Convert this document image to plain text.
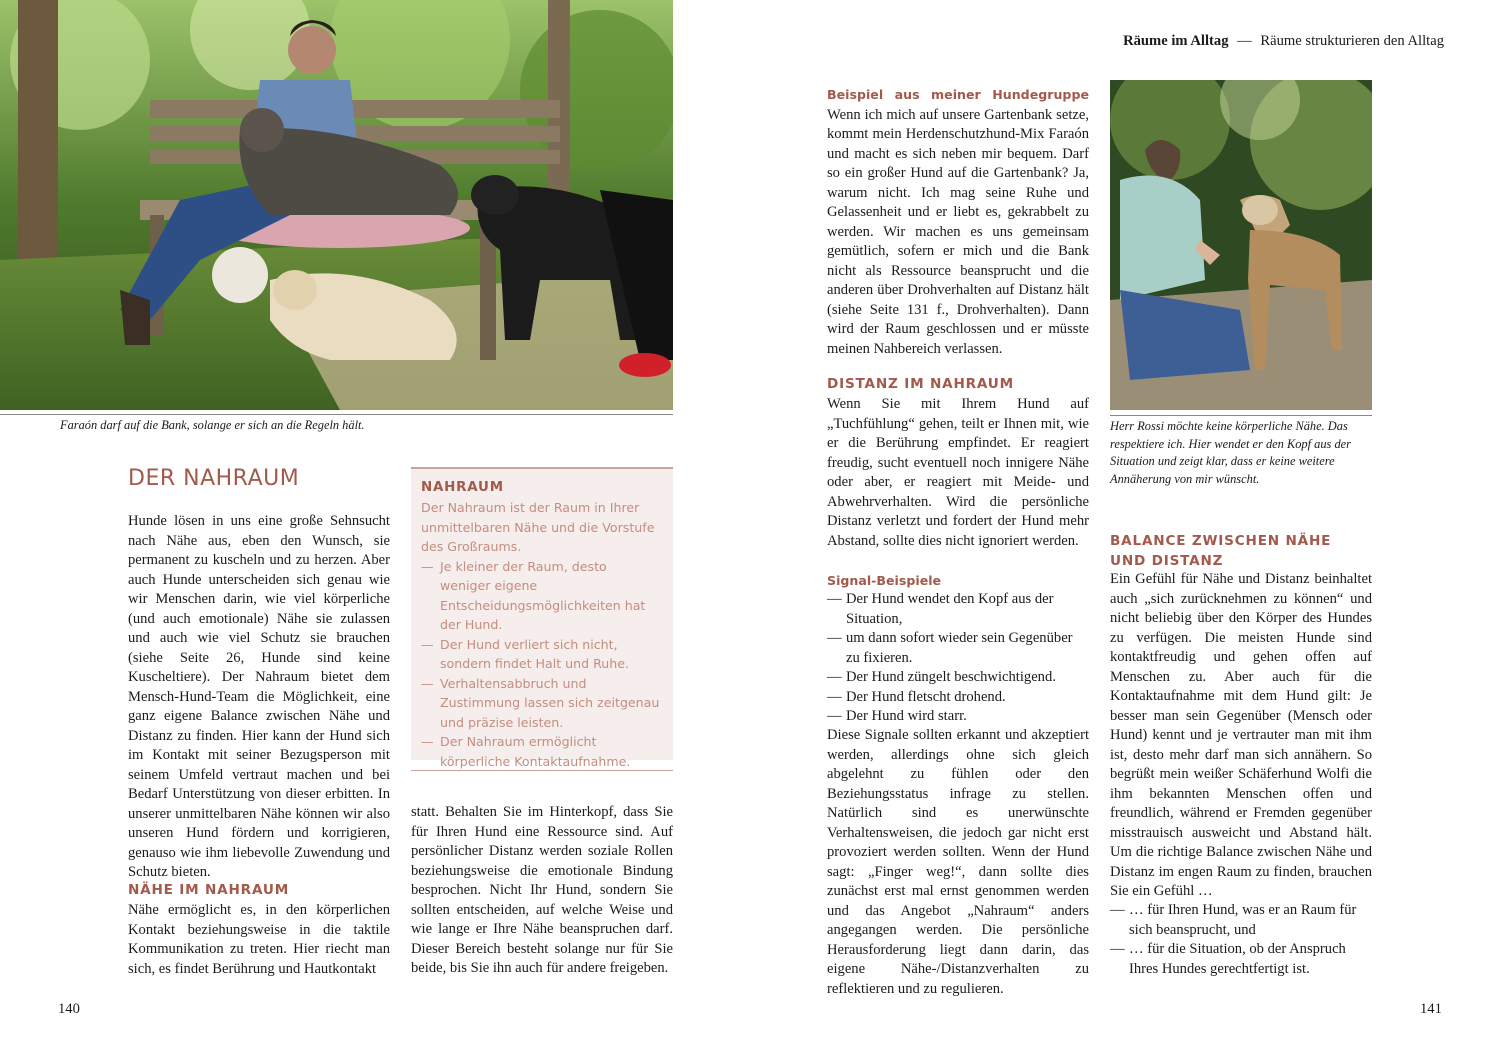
Faraón darf auf die Bank, solange er sich an die Regeln hält.
DER NAHRAUM

Hunde lösen in uns eine große Sehnsucht nach Nähe aus, eben den Wunsch, sie permanent zu kuscheln und zu herzen. Aber auch Hunde unterscheiden sich genau wie wir Menschen darin, wie viel körperliche (und auch emotionale) Nähe sie zulassen und auch wie viel Schutz sie brauchen (siehe Seite 26, Hunde sind keine Kuscheltiere). Der Nahraum bietet dem Mensch-Hund-Team die Möglichkeit, eine ganz eigene Balance zwischen Nähe und Distanz zu finden. Hier kann der Hund sich im Kontakt mit seiner Bezugsperson mit seinem Umfeld vertraut machen und bei Bedarf Unterstützung von dieser erbitten. In unserer unmittelbaren Nähe können wir also unseren Hund fördern und korrigieren, genauso wie ihm liebevolle Zuwendung und Schutz bieten.

NÄHE IM NAHRAUM

Nähe ermöglicht es, in den körperlichen Kontakt beziehungsweise in die taktile Kommunikation zu treten. Hier riecht man sich, es findet Berührung und Hautkontakt

NAHRAUM
Der Nahraum ist der Raum in Ihrer unmittelbaren Nähe und die Vorstufe des Großraums.
— Je kleiner der Raum, desto weniger eigene Entscheidungsmöglichkeiten hat der Hund.
— Der Hund verliert sich nicht, sondern findet Halt und Ruhe.
— Verhaltensabbruch und Zustimmung lassen sich zeitgenau und präzise leisten.
— Der Nahraum ermöglicht körperliche Kontaktaufnahme.

statt. Behalten Sie im Hinterkopf, dass Sie für Ihren Hund eine Ressource sind. Auf persönlicher Distanz werden soziale Rollen beziehungsweise die emotionale Bindung besprochen. Nicht Ihr Hund, sondern Sie sollten entscheiden, auf welche Weise und wie lange er Ihre Nähe beanspruchen darf. Dieser Bereich besteht solange nur für Sie beide, bis Sie ihn auch für andere freigeben.

140
Räume im Alltag — Räume strukturieren den Alltag

Beispiel aus meiner Hundegruppe Wenn ich mich auf unsere Gartenbank setze, kommt mein Herdenschutzhund-Mix Faraón und macht es sich neben mir bequem. Darf so ein großer Hund auf die Gartenbank? Ja, warum nicht. Ich mag seine Ruhe und Gelassenheit und er liebt es, gekrabbelt zu werden. Wir machen es uns gemeinsam gemütlich, sofern er mich und die Bank nicht als Ressource beansprucht und die anderen über Drohverhalten auf Distanz hält (siehe Seite 131 f., Drohverhalten). Dann wird der Raum geschlossen und er müsste meinen Nahbereich verlassen.

DISTANZ IM NAHRAUM

Wenn Sie mit Ihrem Hund auf „Tuchfühlung“ gehen, teilt er Ihnen mit, wie er die Berührung empfindet. Er reagiert freudig, sucht eventuell noch innigere Nähe oder aber, er reagiert mit Meide- und Abwehrverhalten. Wird die persönliche Distanz verletzt und fordert der Hund mehr Abstand, sollte dies nicht ignoriert werden.

Signal-Beispiele
— Der Hund wendet den Kopf aus der Situation,
— um dann sofort wieder sein Gegenüber zu fixieren.
— Der Hund züngelt beschwichtigend.
— Der Hund fletscht drohend.
— Der Hund wird starr.

Diese Signale sollten erkannt und akzeptiert werden, allerdings ohne sich gleich abgelehnt zu fühlen oder den Beziehungsstatus infrage zu stellen. Natürlich sind es unerwünschte Verhaltensweisen, die jedoch gar nicht erst provoziert werden sollten. Wenn der Hund sagt: „Finger weg!“, dann sollte dies zunächst erst mal ernst genommen werden und das Angebot „Nahraum“ anders angegangen werden. Die persönliche Herausforderung liegt dann darin, das eigene Nähe-/Distanzverhalten zu reflektieren und zu regulieren.

Herr Rossi möchte keine körperliche Nähe. Das respektiere ich. Hier wendet er den Kopf aus der Situation und zeigt klar, dass er keine weitere Annäherung von mir wünscht.
BALANCE ZWISCHEN NÄHE UND DISTANZ

Ein Gefühl für Nähe und Distanz beinhaltet auch „sich zurücknehmen zu können“ und nicht beliebig über den Körper des Hundes zu verfügen. Die meisten Hunde sind kontaktfreudig und gehen offen auf Menschen zu. Aber auch für die Kontaktaufnahme mit dem Hund gilt: Je besser man sein Gegenüber (Mensch oder Hund) kennt und je vertrauter man mit ihm ist, desto mehr darf man sich annähern. So begrüßt mein weißer Schäferhund Wolfi die ihm bekannten Menschen offen und freundlich, während er Fremden gegenüber misstrauisch ausweicht und Abstand hält. Um die richtige Balance zwischen Nähe und Distanz im engen Raum zu finden, brauchen Sie ein Gefühl …

— … für Ihren Hund, was er an Raum für sich beansprucht, und
— … für die Situation, ob der Anspruch Ihres Hundes gerechtfertigt ist.
141
